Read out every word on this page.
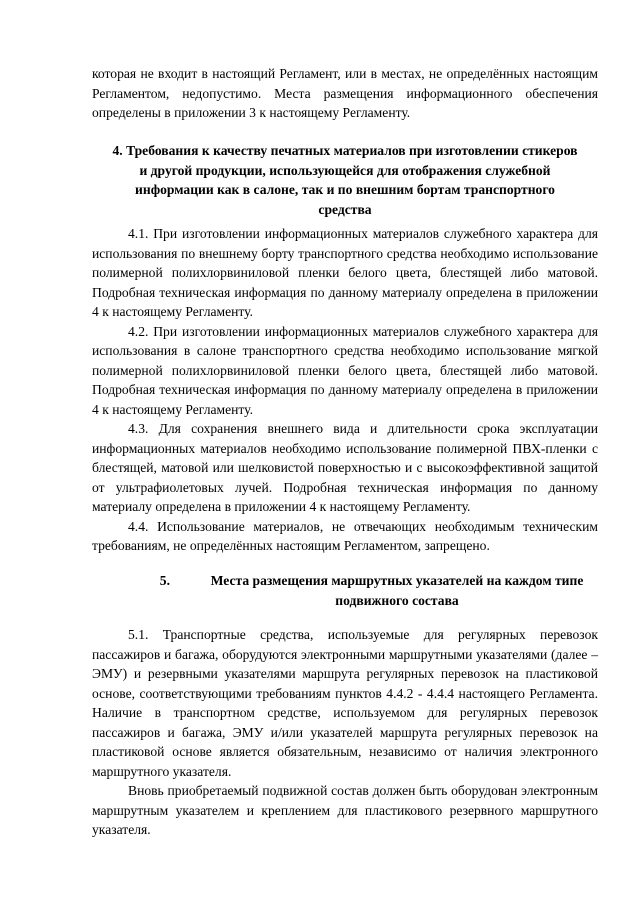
которая не входит в настоящий Регламент, или в местах, не определённых настоящим Регламентом, недопустимо. Места размещения информационного обеспечения определены в приложении 3 к настоящему Регламенту.

4. Требования к качеству печатных материалов при изготовлении стикеров и другой продукции, использующейся для отображения служебной информации как в салоне, так и по внешним бортам транспортного средства

4.1. При изготовлении информационных материалов служебного характера для использования по внешнему борту транспортного средства необходимо использование полимерной полихлорвиниловой пленки белого цвета, блестящей либо матовой. Подробная техническая информация по данному материалу определена в приложении 4 к настоящему Регламенту.

4.2. При изготовлении информационных материалов служебного характера для использования в салоне транспортного средства необходимо использование мягкой полимерной полихлорвиниловой пленки белого цвета, блестящей либо матовой. Подробная техническая информация по данному материалу определена в приложении 4 к настоящему Регламенту.

4.3. Для сохранения внешнего вида и длительности срока эксплуатации информационных материалов необходимо использование полимерной ПВХ-пленки с блестящей, матовой или шелковистой поверхностью и с высокоэффективной защитой от ультрафиолетовых лучей. Подробная техническая информация по данному материалу определена в приложении 4 к настоящему Регламенту.

4.4. Использование материалов, не отвечающих необходимым техническим требованиям, не определённых настоящим Регламентом, запрещено.

5.	Места размещения маршрутных указателей на каждом типе подвижного состава

5.1. Транспортные средства, используемые для регулярных перевозок пассажиров и багажа, оборудуются электронными маршрутными указателями (далее – ЭМУ) и резервными указателями маршрута регулярных перевозок на пластиковой основе, соответствующими требованиям пунктов 4.4.2 - 4.4.4 настоящего Регламента. Наличие в транспортном средстве, используемом для регулярных перевозок пассажиров и багажа, ЭМУ и/или указателей маршрута регулярных перевозок на пластиковой основе является обязательным, независимо от наличия электронного маршрутного указателя.

Вновь приобретаемый подвижной состав должен быть оборудован электронным маршрутным указателем и креплением для пластикового резервного маршрутного указателя.
